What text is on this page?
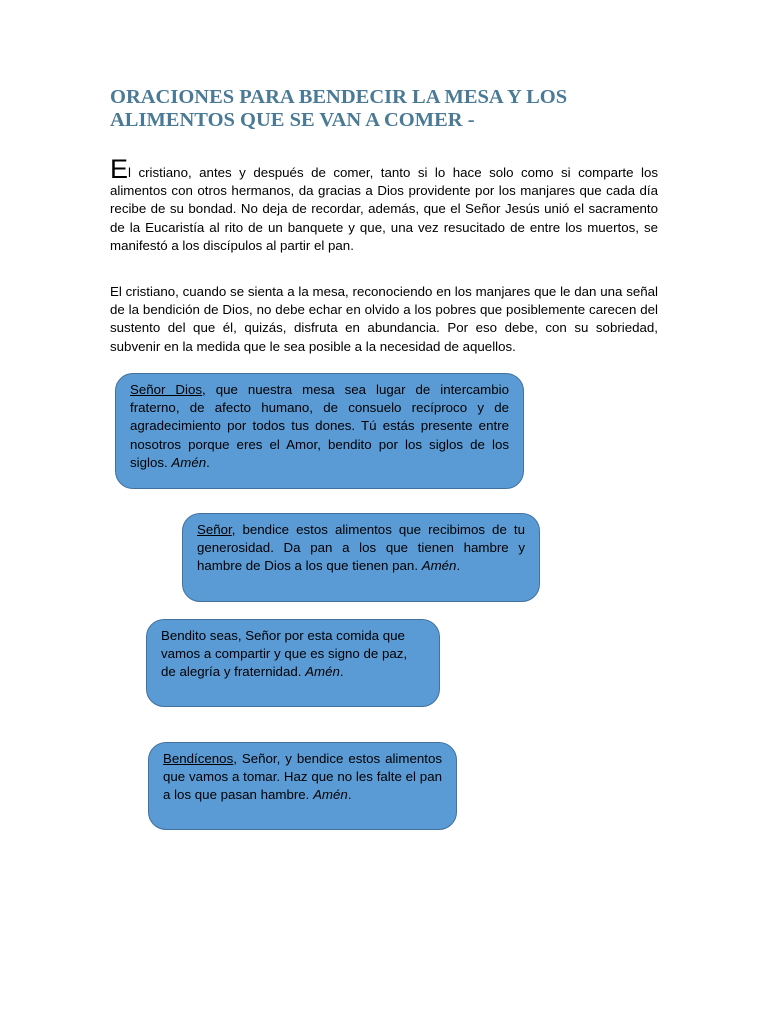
ORACIONES PARA BENDECIR LA MESA Y LOS ALIMENTOS QUE SE VAN A COMER -

El cristiano, antes y después de comer, tanto si lo hace solo como si comparte los alimentos con otros hermanos, da gracias a Dios providente por los manjares que cada día recibe de su bondad. No deja de recordar, además, que el Señor Jesús unió el sacramento de la Eucaristía al rito de un banquete y que, una vez resucitado de entre los muertos, se manifestó a los discípulos al partir el pan.

El cristiano, cuando se sienta a la mesa, reconociendo en los manjares que le dan una señal de la bendición de Dios, no debe echar en olvido a los pobres que posiblemente carecen del sustento del que él, quizás, disfruta en abundancia. Por eso debe, con su sobriedad, subvenir en la medida que le sea posible a la necesidad de aquellos.

Señor Dios, que nuestra mesa sea lugar de intercambio fraterno, de afecto humano, de consuelo recíproco y de agradecimiento por todos tus dones. Tú estás presente entre nosotros porque eres el Amor, bendito por los siglos de los siglos. Amén.
Señor, bendice estos alimentos que recibimos de tu generosidad. Da pan a los que tienen hambre y hambre de Dios a los que tienen pan. Amén.
Bendito seas, Señor por esta comida que vamos a compartir y que es signo de paz, de alegría y fraternidad. Amén.
Bendícenos, Señor, y bendice estos alimentos que vamos a tomar. Haz que no les falte el pan a los que pasan hambre. Amén.
